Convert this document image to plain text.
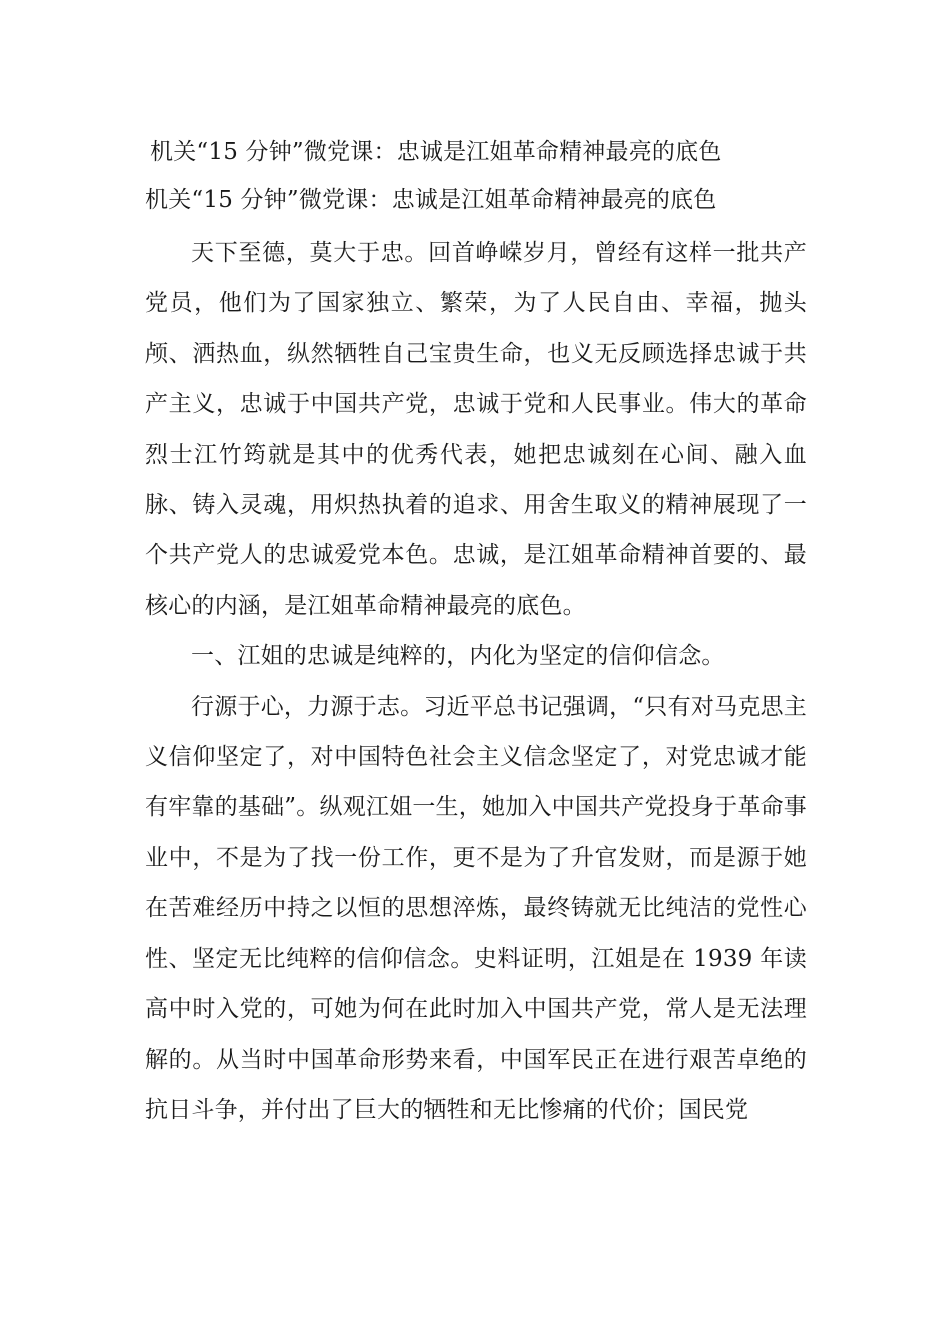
机关“15 分钟”微党课：忠诚是江姐革命精神最亮的底色
机关“15 分钟”微党课：忠诚是江姐革命精神最亮的底色

天下至德，莫大于忠。回首峥嵘岁月，曾经有这样一批共产党员，他们为了国家独立、繁荣，为了人民自由、幸福，抛头颅、洒热血，纵然牺牲自己宝贵生命，也义无反顾选择忠诚于共产主义，忠诚于中国共产党，忠诚于党和人民事业。伟大的革命烈士江竹筠就是其中的优秀代表，她把忠诚刻在心间、融入血脉、铸入灵魂，用炽热执着的追求、用舍生取义的精神展现了一个共产党人的忠诚爱党本色。忠诚，是江姐革命精神首要的、最核心的内涵，是江姐革命精神最亮的底色。

一、江姐的忠诚是纯粹的，内化为坚定的信仰信念。

行源于心，力源于志。习近平总书记强调，“只有对马克思主义信仰坚定了，对中国特色社会主义信念坚定了，对党忠诚才能有牢靠的基础”。纵观江姐一生，她加入中国共产党投身于革命事业中，不是为了找一份工作，更不是为了升官发财，而是源于她在苦难经历中持之以恒的思想淬炼，最终铸就无比纯洁的党性心性、坚定无比纯粹的信仰信念。史料证明，江姐是在 1939 年读高中时入党的，可她为何在此时加入中国共产党，常人是无法理解的。从当时中国革命形势来看，中国军民正在进行艰苦卓绝的抗日斗争，并付出了巨大的牺牲和无比惨痛的代价；国民党
